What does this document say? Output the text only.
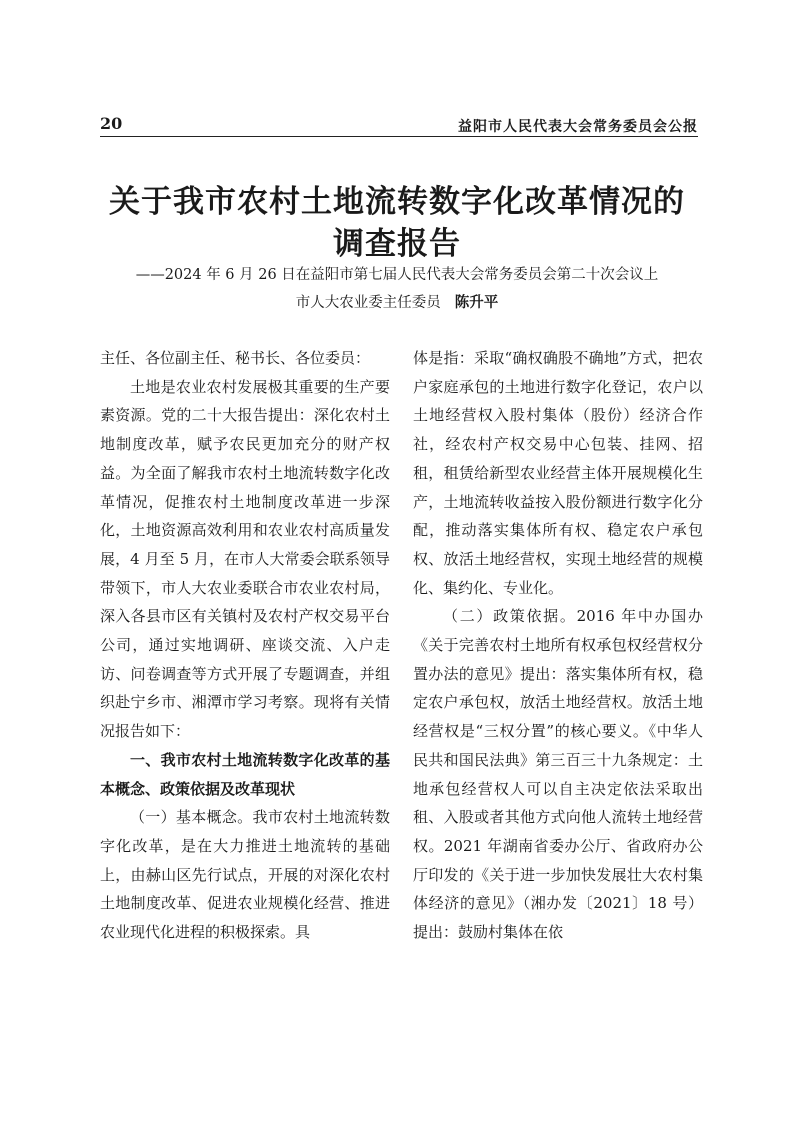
20	益阳市人民代表大会常务委员会公报
关于我市农村土地流转数字化改革情况的
调查报告
——2024 年 6 月 26 日在益阳市第七届人民代表大会常务委员会第二十次会议上
市人大农业委主任委员 陈升平

主任、各位副主任、秘书长、各位委员：

土地是农业农村发展极其重要的生产要素资源。党的二十大报告提出：深化农村土地制度改革，赋予农民更加充分的财产权益。为全面了解我市农村土地流转数字化改革情况，促推农村土地制度改革进一步深化，土地资源高效利用和农业农村高质量发展，4 月至 5 月，在市人大常委会联系领导带领下，市人大农业委联合市农业农村局，深入各县市区有关镇村及农村产权交易平台公司，通过实地调研、座谈交流、入户走访、问卷调查等方式开展了专题调查，并组织赴宁乡市、湘潭市学习考察。现将有关情况报告如下：

一、我市农村土地流转数字化改革的基本概念、政策依据及改革现状

（一）基本概念。我市农村土地流转数字化改革，是在大力推进土地流转的基础上，由赫山区先行试点，开展的对深化农村土地制度改革、促进农业规模化经营、推进农业现代化进程的积极探索。具

体是指：采取“确权确股不确地”方式，把农户家庭承包的土地进行数字化登记，农户以土地经营权入股村集体（股份）经济合作社，经农村产权交易中心包装、挂网、招租，租赁给新型农业经营主体开展规模化生产，土地流转收益按入股份额进行数字化分配，推动落实集体所有权、稳定农户承包权、放活土地经营权，实现土地经营的规模化、集约化、专业化。

（二）政策依据。2016 年中办国办《关于完善农村土地所有权承包权经营权分置办法的意见》提出：落实集体所有权，稳定农户承包权，放活土地经营权。放活土地经营权是“三权分置”的核心要义。《中华人民共和国民法典》第三百三十九条规定：土地承包经营权人可以自主决定依法采取出租、入股或者其他方式向他人流转土地经营权。2021 年湖南省委办公厅、省政府办公厅印发的《关于进一步加快发展壮大农村集体经济的意见》（湘办发〔2021〕18 号）提出：鼓励村集体在依
